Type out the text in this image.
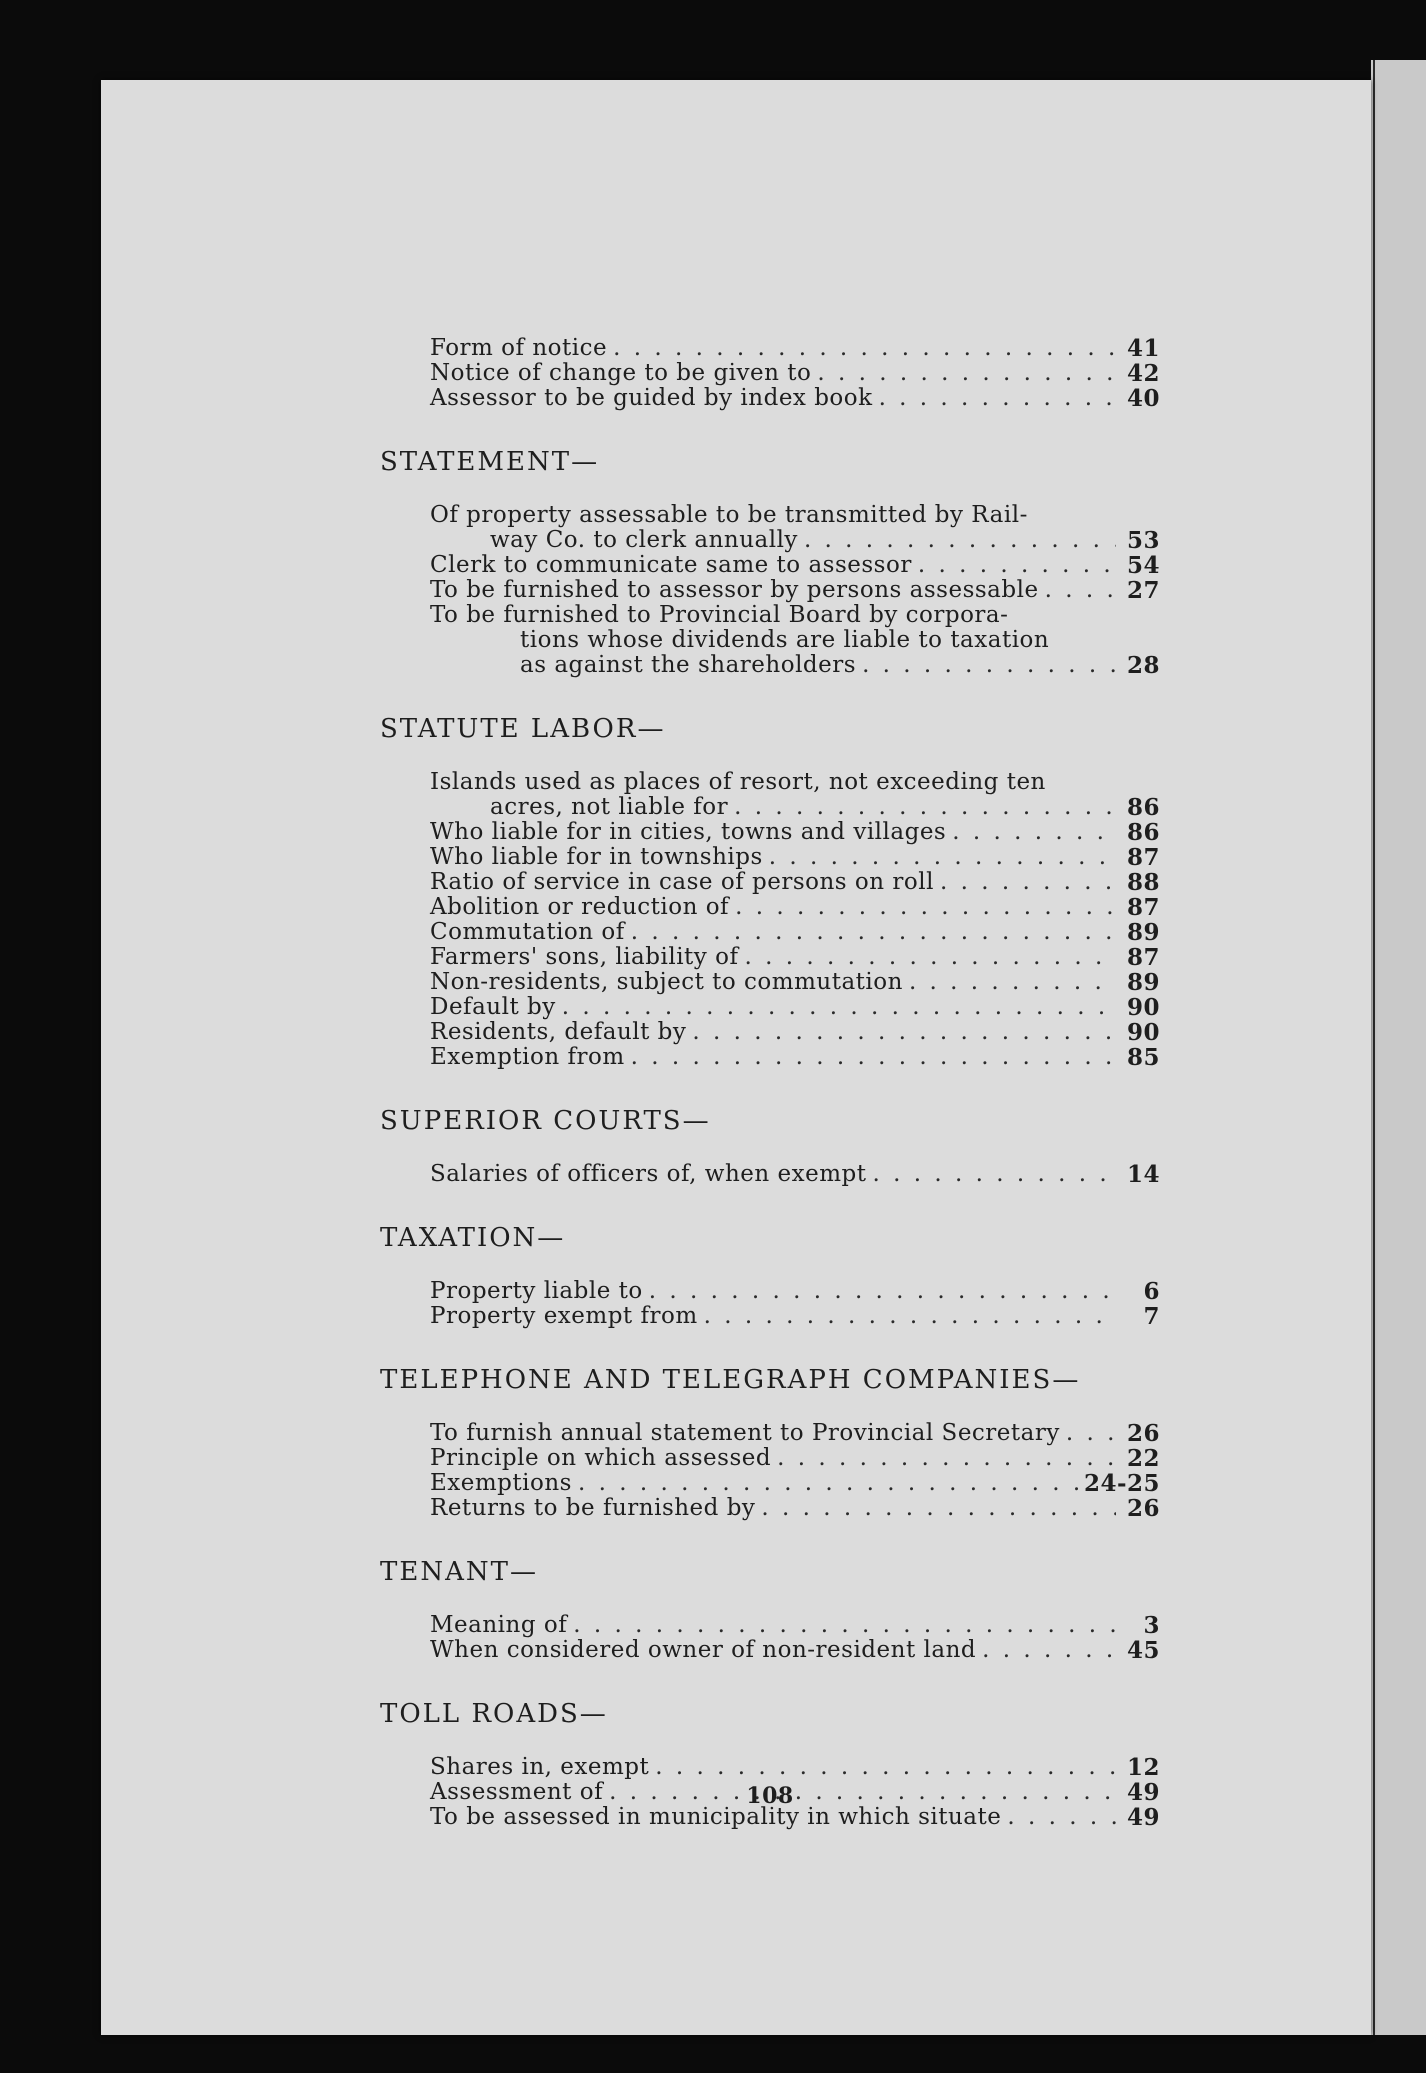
Form of notice . . .	41
Notice of change to be given to . . .	42
Assessor to be guided by index book . . .	40
STATEMENT—
Of property assessable to be transmitted by Rail-
way Co. to clerk annually . . .	53
Clerk to communicate same to assessor . . .	54
To be furnished to assessor by persons assessable . . .	27
To be furnished to Provincial Board by corpora-
tions whose dividends are liable to taxation
as against the shareholders . . .	28
STATUTE LABOR—
Islands used as places of resort, not exceeding ten
acres, not liable for . . .	86
Who liable for in cities, towns and villages . . .	86
Who liable for in townships . . .	87
Ratio of service in case of persons on roll . . .	88
Abolition or reduction of . . .	87
Commutation of . . .	89
Farmers' sons, liability of . . .	87
Non-residents, subject to commutation . . .	89
Default by . . .	90
Residents, default by . . .	90
Exemption from . . .	85
SUPERIOR COURTS—
Salaries of officers of, when exempt . . .	14
TAXATION—
Property liable to . . .	6
Property exempt from . . .	7
TELEPHONE AND TELEGRAPH COMPANIES—
To furnish annual statement to Provincial Secretary . . .	26
Principle on which assessed . . .	22
Exemptions . . .	24-25
Returns to be furnished by . . .	26
TENANT—
Meaning of . . .	3
When considered owner of non-resident land . . .	45
TOLL ROADS—
Shares in, exempt . . .	12
Assessment of . . .	49
To be assessed in municipality in which situate . . .	49
108
